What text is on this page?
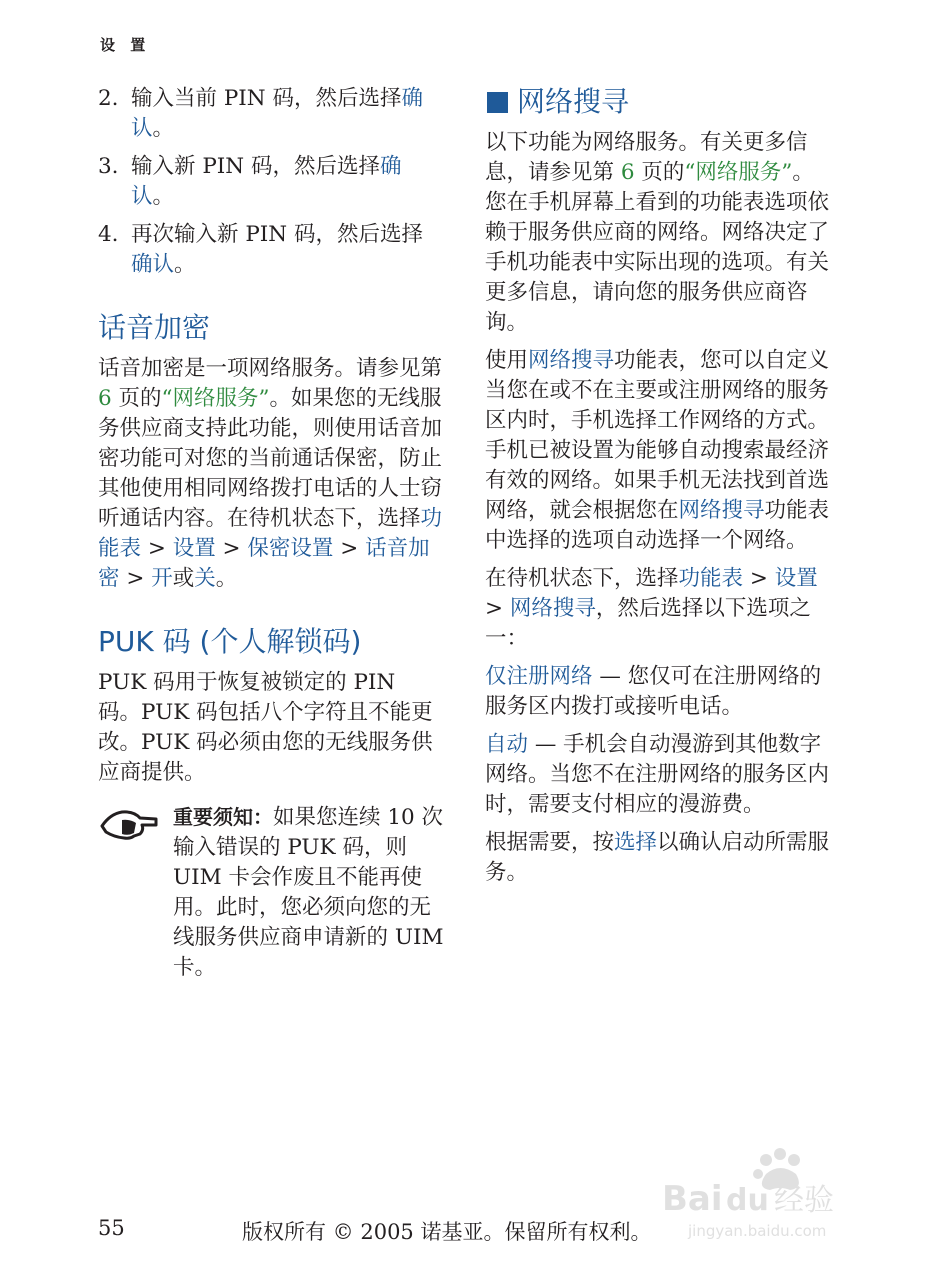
设 置
2. 输入当前 PIN 码，然后选择确认。
3. 输入新 PIN 码，然后选择确认。
4. 再次输入新 PIN 码，然后选择确认。
话音加密

话音加密是一项网络服务。请参见第 6 页的“网络服务”。如果您的无线服务供应商支持此功能，则使用话音加密功能可对您的当前通话保密，防止其他使用相同网络拨打电话的人士窃听通话内容。在待机状态下，选择功能表 > 设置 > 保密设置 > 话音加密 > 开或关。

PUK 码 (个人解锁码)

PUK 码用于恢复被锁定的 PIN 码。PUK 码包括八个字符且不能更改。PUK 码必须由您的无线服务供应商提供。

重要须知：如果您连续 10 次输入错误的 PUK 码，则 UIM 卡会作废且不能再使用。此时，您必须向您的无线服务供应商申请新的 UIM 卡。

网络搜寻

以下功能为网络服务。有关更多信息，请参见第 6 页的“网络服务”。您在手机屏幕上看到的功能表选项依赖于服务供应商的网络。网络决定了手机功能表中实际出现的选项。有关更多信息，请向您的服务供应商咨询。

使用网络搜寻功能表，您可以自定义当您在或不在主要或注册网络的服务区内时，手机选择工作网络的方式。手机已被设置为能够自动搜索最经济有效的网络。如果手机无法找到首选网络，就会根据您在网络搜寻功能表中选择的选项自动选择一个网络。

在待机状态下，选择功能表 > 设置 > 网络搜寻，然后选择以下选项之一：

仅注册网络 — 您仅可在注册网络的服务区内拨打或接听电话。

自动 — 手机会自动漫游到其他数字网络。当您不在注册网络的服务区内时，需要支付相应的漫游费。

根据需要，按选择以确认启动所需服务。

Bai du 经验
jingyan.baidu.com
55	版权所有 © 2005 诺基亚。保留所有权利。
